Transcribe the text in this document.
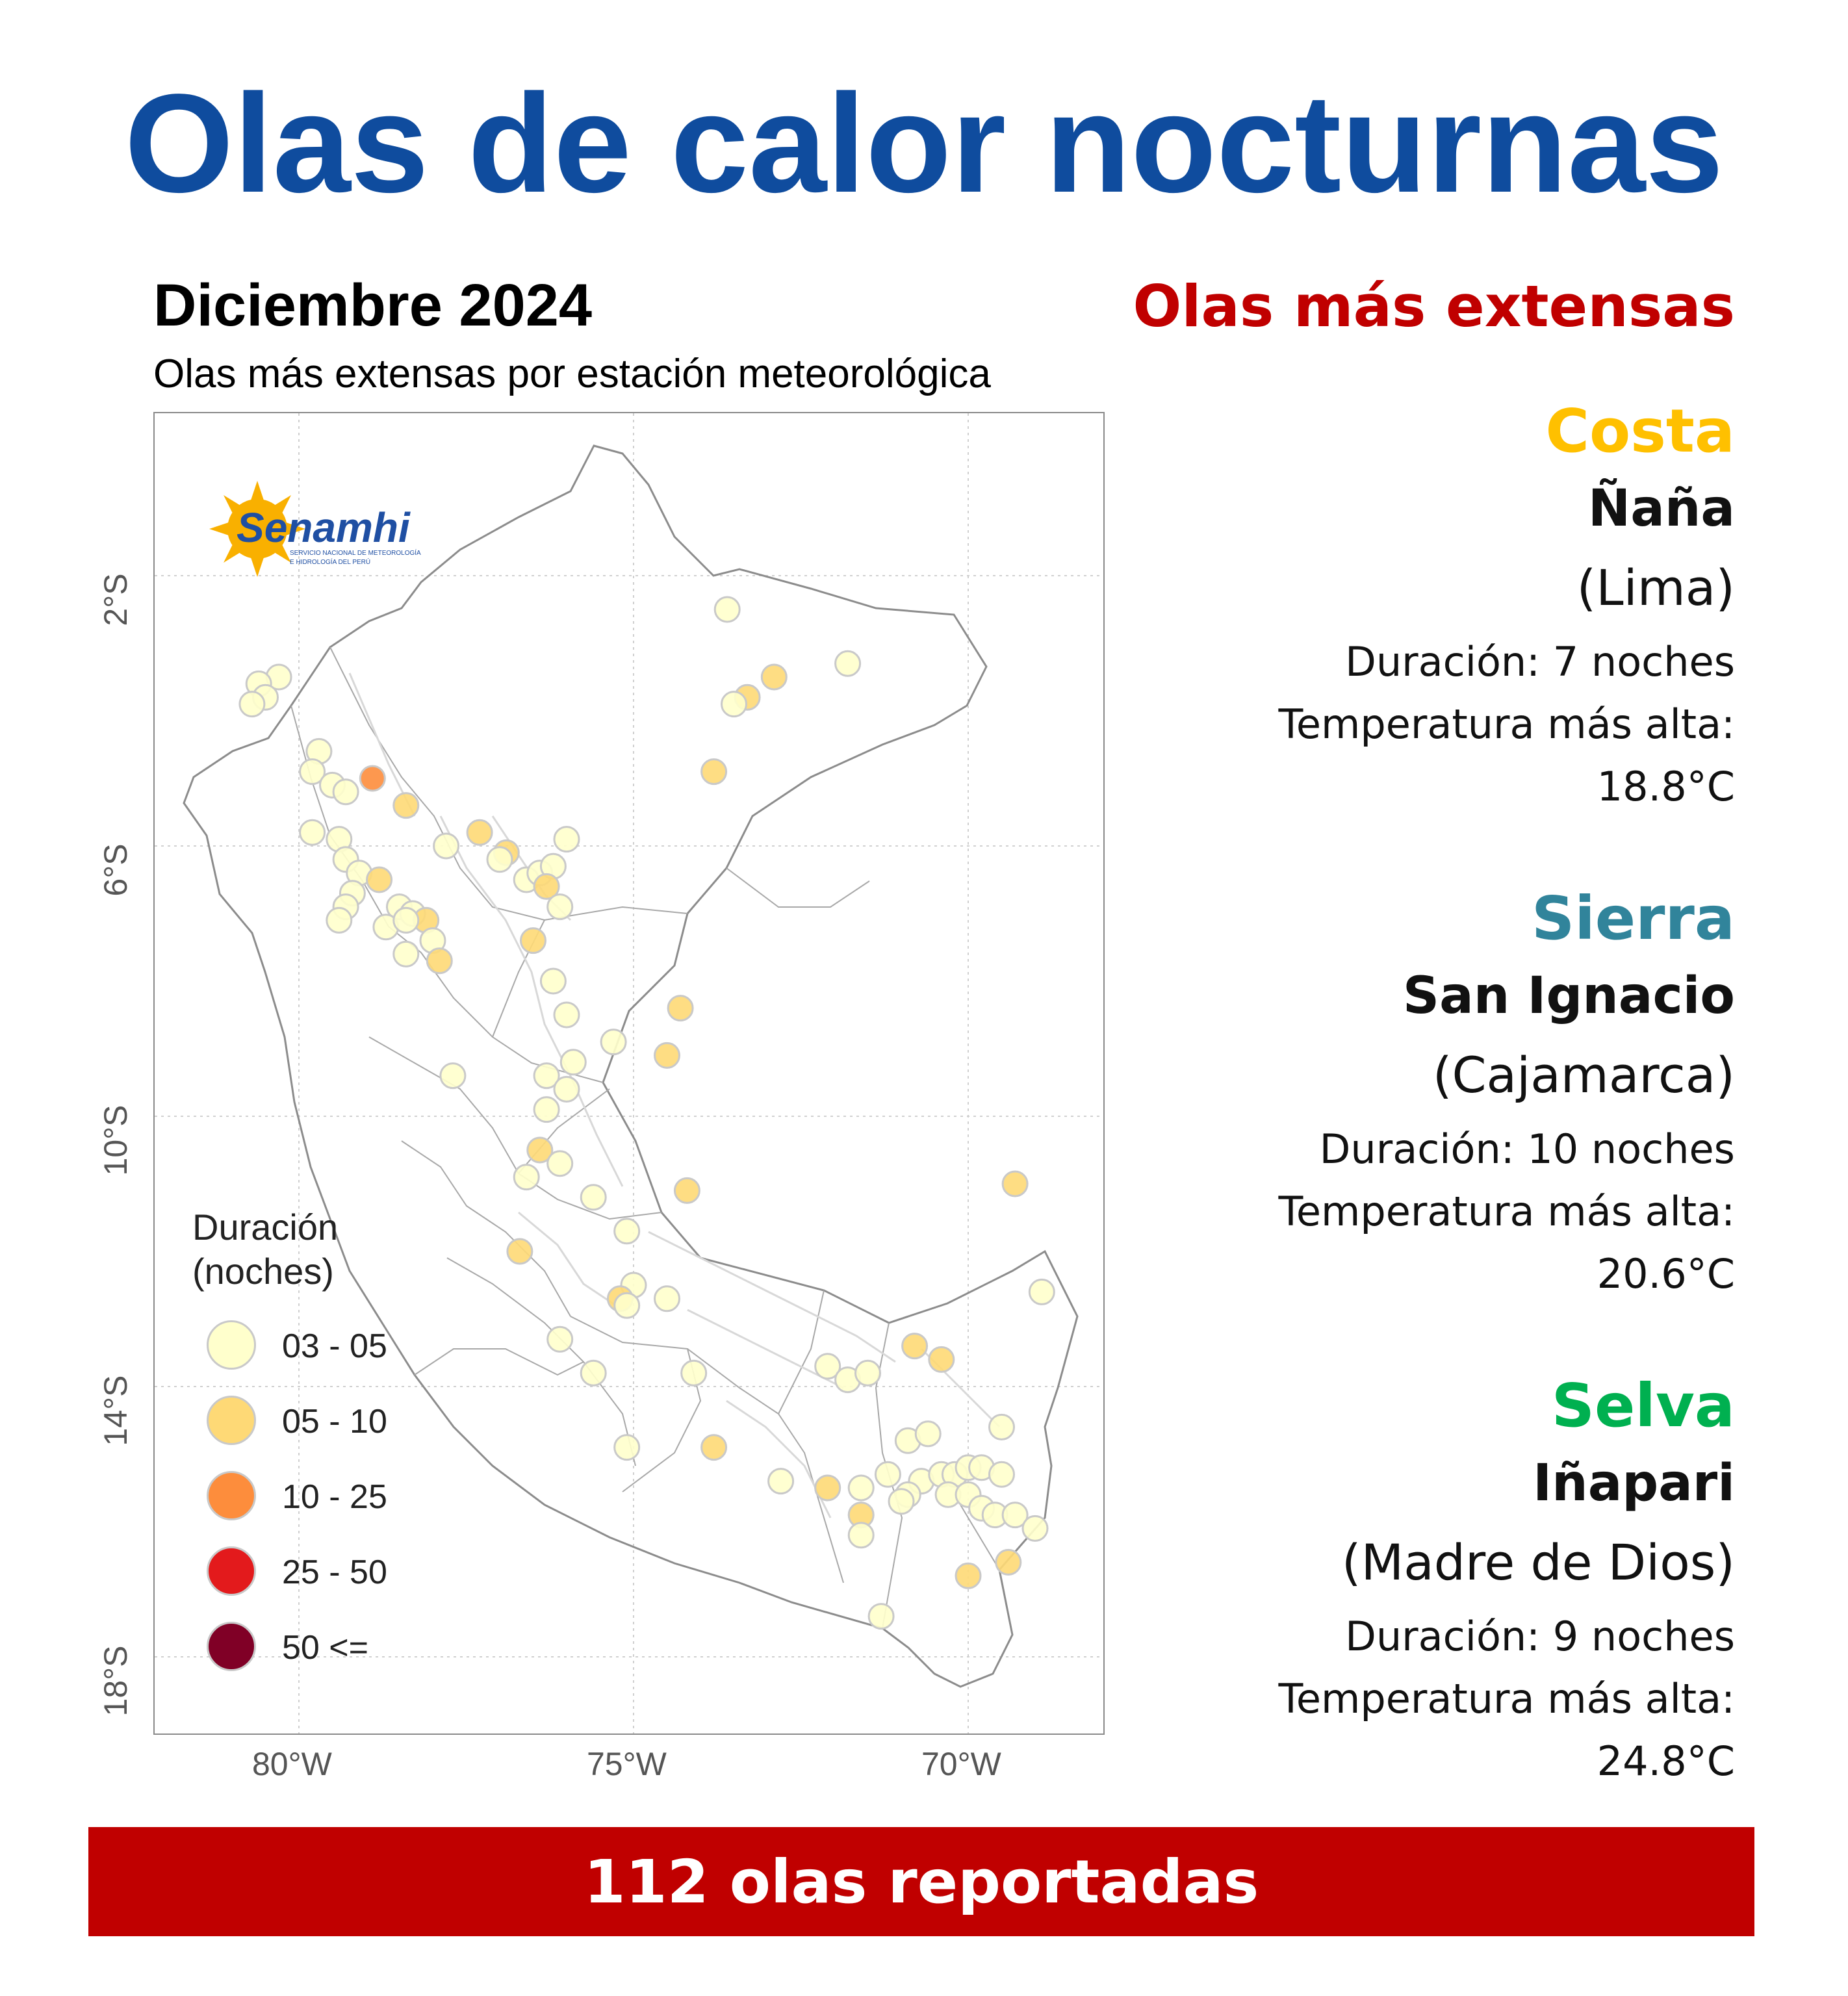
Olas de calor nocturnas
Diciembre 2024
Olas más extensas por estación meteorológica
2°S
6°S
10°S
14°S
18°S
80°W	75°W	70°W
Senamhi
SERVICIO NACIONAL DE METEOROLOGÍA
E HIDROLOGÍA DEL PERÚ
Duración
(noches)
03 - 05
05 - 10
10 - 25
25 - 50
50 <=
Olas más extensas
Costa
Ñaña
(Lima)
Duración: 7 noches
Temperatura más alta:
18.8°C
Sierra
San Ignacio
(Cajamarca)
Duración: 10 noches
Temperatura más alta:
20.6°C
Selva
Iñapari
(Madre de Dios)
Duración: 9 noches
Temperatura más alta:
24.8°C
112 olas reportadas
